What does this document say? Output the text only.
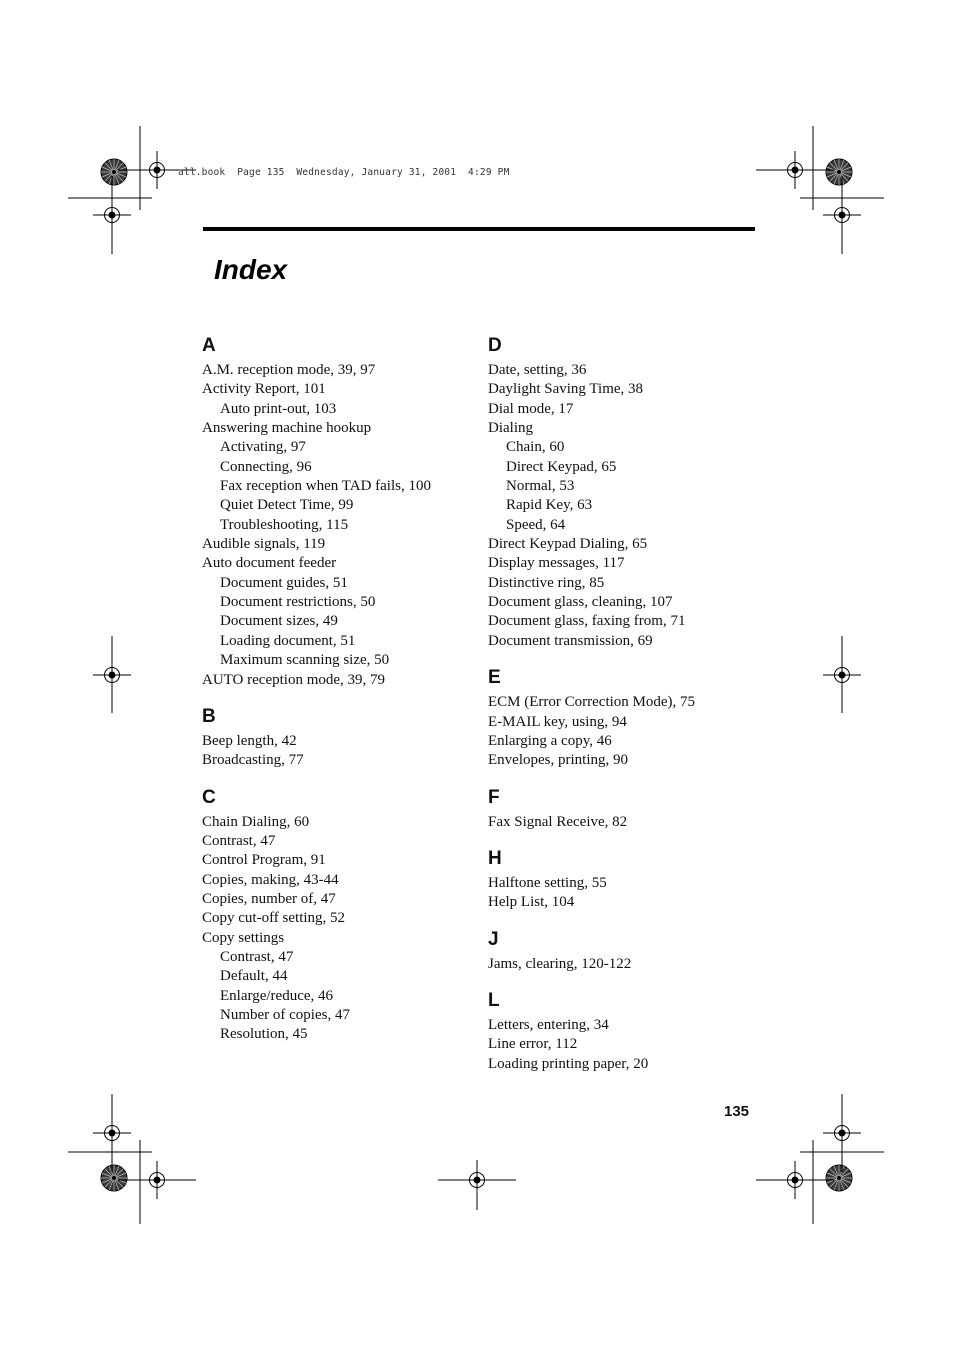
all.book  Page 135  Wednesday, January 31, 2001  4:29 PM
Index
A
A.M. reception mode, 39, 97
Activity Report, 101
Auto print-out, 103
Answering machine hookup
Activating, 97
Connecting, 96
Fax reception when TAD fails, 100
Quiet Detect Time, 99
Troubleshooting, 115
Audible signals, 119
Auto document feeder
Document guides, 51
Document restrictions, 50
Document sizes, 49
Loading document, 51
Maximum scanning size, 50
AUTO reception mode, 39, 79
B
Beep length, 42
Broadcasting, 77
C
Chain Dialing, 60
Contrast, 47
Control Program, 91
Copies, making, 43-44
Copies, number of, 47
Copy cut-off setting, 52
Copy settings
Contrast, 47
Default, 44
Enlarge/reduce, 46
Number of copies, 47
Resolution, 45
D
Date, setting, 36
Daylight Saving Time, 38
Dial mode, 17
Dialing
Chain, 60
Direct Keypad, 65
Normal, 53
Rapid Key, 63
Speed, 64
Direct Keypad Dialing, 65
Display messages, 117
Distinctive ring, 85
Document glass, cleaning, 107
Document glass, faxing from, 71
Document transmission, 69
E
ECM (Error Correction Mode), 75
E-MAIL key, using, 94
Enlarging a copy, 46
Envelopes, printing, 90
F
Fax Signal Receive, 82
H
Halftone setting, 55
Help List, 104
J
Jams, clearing, 120-122
L
Letters, entering, 34
Line error, 112
Loading printing paper, 20
135
